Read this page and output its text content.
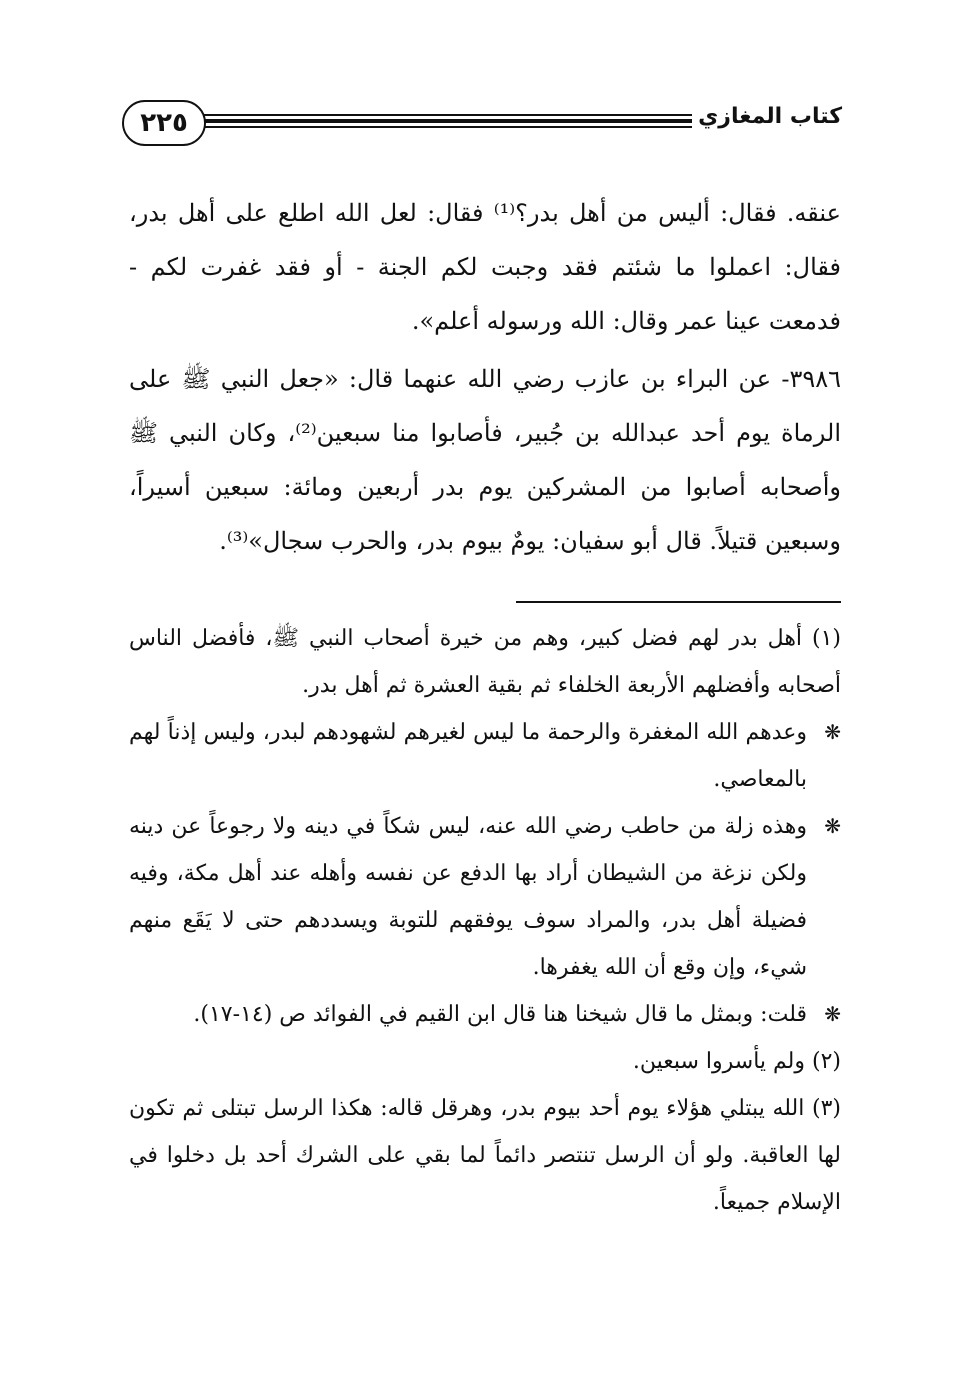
٢٢٥	كتاب المغازي

عنقه. فقال: أليس من أهل بدر؟⁽¹⁾ فقال: لعل الله اطلع على أهل بدر، فقال: اعملوا ما شئتم فقد وجبت لكم الجنة - أو فقد غفرت لكم - فدمعت عينا عمر وقال: الله ورسوله أعلم».

٣٩٨٦- عن البراء بن عازب رضي الله عنهما قال: «جعل النبي ﷺ على الرماة يوم أحد عبدالله بن جُبير، فأصابوا منا سبعين⁽²⁾، وكان النبي ﷺ وأصحابه أصابوا من المشركين يوم بدر أربعين ومائة: سبعين أسيراً، وسبعين قتيلاً. قال أبو سفيان: يومٌ بيوم بدر، والحرب سجال»⁽³⁾.

(١) أهل بدر لهم فضل كبير، وهم من خيرة أصحاب النبي ﷺ، فأفضل الناس أصحابه وأفضلهم الأربعة الخلفاء ثم بقية العشرة ثم أهل بدر.

❋
وعدهم الله المغفرة والرحمة ما ليس لغيرهم لشهودهم لبدر، وليس إذناً لهم بالمعاصي.

❋
وهذه زلة من حاطب رضي الله عنه، ليس شكاً في دينه ولا رجوعاً عن دينه ولكن نزغة من الشيطان أراد بها الدفع عن نفسه وأهله عند أهل مكة، وفيه فضيلة أهل بدر، والمراد سوف يوفقهم للتوبة ويسددهم حتى لا يَقَع منهم شيء، وإن وقع أن الله يغفرها.

❋
قلت: وبمثل ما قال شيخنا هنا قال ابن القيم في الفوائد ص (١٤-١٧).

(٢) ولم يأسروا سبعين.

(٣) الله يبتلي هؤلاء يوم أحد بيوم بدر، وهرقل قاله: هكذا الرسل تبتلى ثم تكون لها العاقبة. ولو أن الرسل تنتصر دائماً لما بقي على الشرك أحد بل دخلوا في الإسلام جميعاً.
